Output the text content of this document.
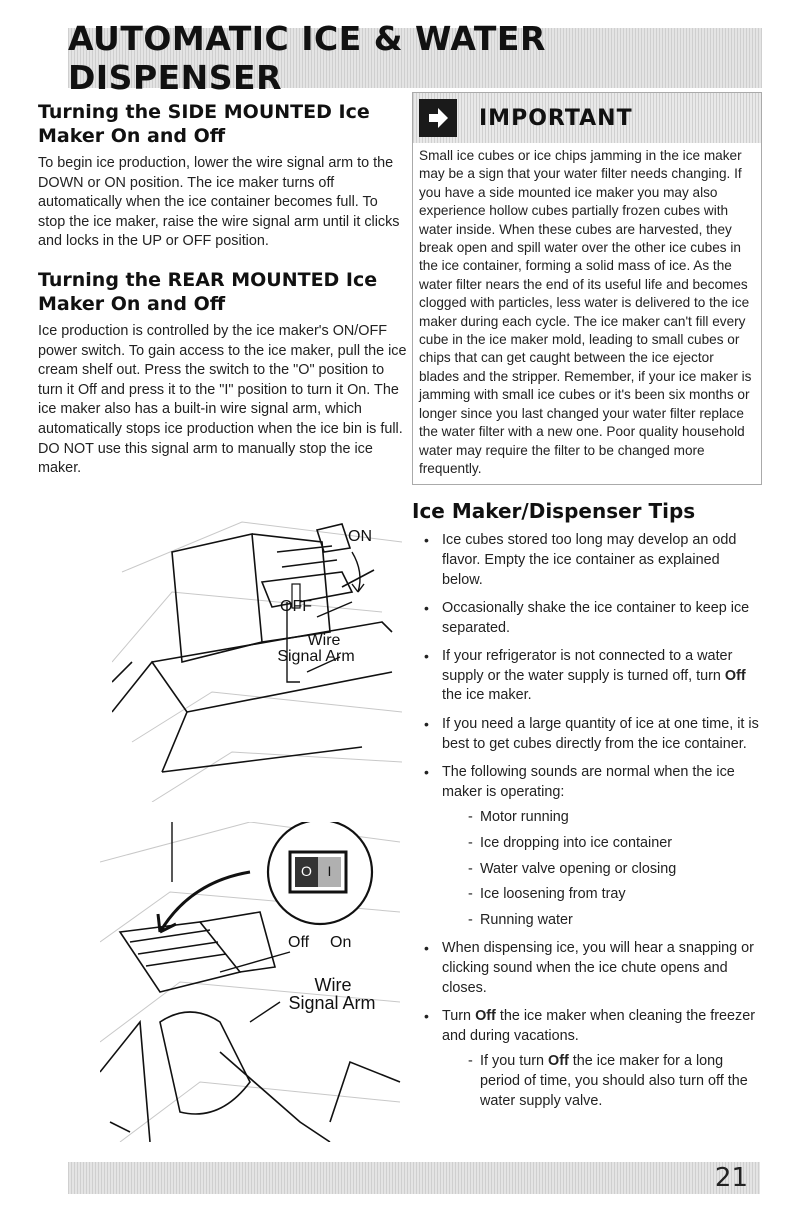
AUTOMATIC ICE & WATER DISPENSER
Turning the SIDE MOUNTED Ice Maker On and Off

To begin ice production, lower the wire signal arm to the DOWN or ON position. The ice maker turns off automatically when the ice container becomes full. To stop the ice maker, raise the wire signal arm until it clicks and locks in the UP or OFF position.

Turning the REAR MOUNTED Ice Maker On and Off

Ice production is controlled by the ice maker's ON/OFF power switch. To gain access to the ice maker, pull the ice cream shelf out. Press the switch to the "O" position to turn it Off and press it to the "I" position to turn it On. The ice maker also has a built-in wire signal arm, which automatically stops ice production when the ice bin is full. DO NOT use this signal arm to manually stop the ice maker.

ON
OFF
Wire
Signal Arm
O	I
Off On
Wire
Signal Arm
IMPORTANT
Small ice cubes or ice chips jamming in the ice maker may be a sign that your water filter needs changing. If you have a side mounted ice maker you may also experience hollow cubes partially frozen cubes with water inside. When these cubes are harvested, they break open and spill water over the other ice cubes in the ice container, forming a solid mass of ice. As the water filter nears the end of its useful life and becomes clogged with particles, less water is delivered to the ice maker during each cycle. The ice maker can't fill every cube in the ice maker mold, leading to small cubes or chips that can get caught between the ice ejector blades and the stripper. Remember, if your ice maker is jamming with small ice cubes or it's been six months or longer since you last changed your water filter replace the water filter with a new one. Poor quality household water may require the filter to be changed more frequently.
Ice Maker/Dispenser Tips
• Ice cubes stored too long may develop an odd flavor. Empty the ice container as explained below.
• Occasionally shake the ice container to keep ice separated.
• If your refrigerator is not connected to a water supply or the water supply is turned off, turn Off the ice maker.
• If you need a large quantity of ice at one time, it is best to get cubes directly from the ice container.
• The following sounds are normal when the ice maker is operating:
- Motor running
- Ice dropping into ice container
- Water valve opening or closing
- Ice loosening from tray
- Running water
• When dispensing ice, you will hear a snapping or clicking sound when the ice chute opens and closes.
• Turn Off the ice maker when cleaning the freezer and during vacations.
- If you turn Off the ice maker for a long period of time, you should also turn off the water supply valve.
21
